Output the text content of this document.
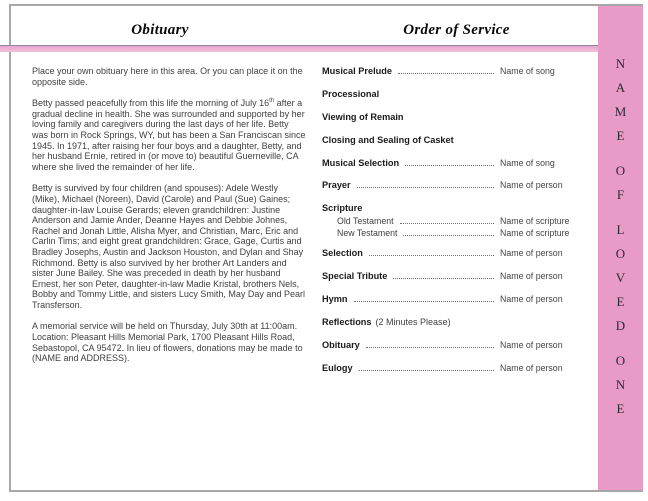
Obituary	Order of Service
NAME
OF
LOVED
ONE

Place your own obituary here in this area. Or you can place it on the opposite side.

Betty passed peacefully from this life the morning of July 16th after a gradual decline in health. She was surrounded and supported by her loving family and caregivers during the last days of her life. Betty was born in Rock Springs, WY, but has been a San Franciscan since 1945. In 1971, after raising her four boys and a daughter, Betty, and her husband Ernie, retired in (or move to) beautiful Guerneville, CA where she lived the remainder of her life.

Betty is survived by four children (and spouses): Adele Westly (Mike), Michael (Noreen), David (Carole) and Paul (Sue) Gaines; daughter-in-law Louise Gerards; eleven grandchildren: Justine Anderson and Jamie Ander, Deanne Hayes and Debbie Johnes, Rachel and Jonah Little, Alisha Myer, and Christian, Marc, Eric and Carlin Tims; and eight great grandchildren: Grace, Gage, Curtis and Bradley Josephs, Austin and Jackson Houston, and Dylan and Shay Richmond. Betty is also survived by her brother Art Landers and sister June Bailey. She was preceded in death by her husband Ernest, her son Peter, daughter-in-law Madie Kristal, brothers Nels, Bobby and Tommy Little, and sisters Lucy Smith, May Day and Pearl Transferson.

A memorial service will be held on Thursday, July 30th at 11:00am. Location: Pleasant Hills Memorial Park, 1700 Pleasant Hills Road, Sebastopol, CA 95472. In lieu of flowers, donations may be made to (NAME and ADDRESS).

Musical Prelude	Name of song
Processional
Viewing of Remain
Closing and Sealing of Casket
Musical Selection	Name of song
Prayer	Name of person
Scripture
Old Testament	Name of scripture
New Testament	Name of scripture
Selection	Name of person
Special Tribute	Name of person
Hymn	Name of person
Reflections (2 Minutes Please)
Obituary	Name of person
Eulogy	Name of person
